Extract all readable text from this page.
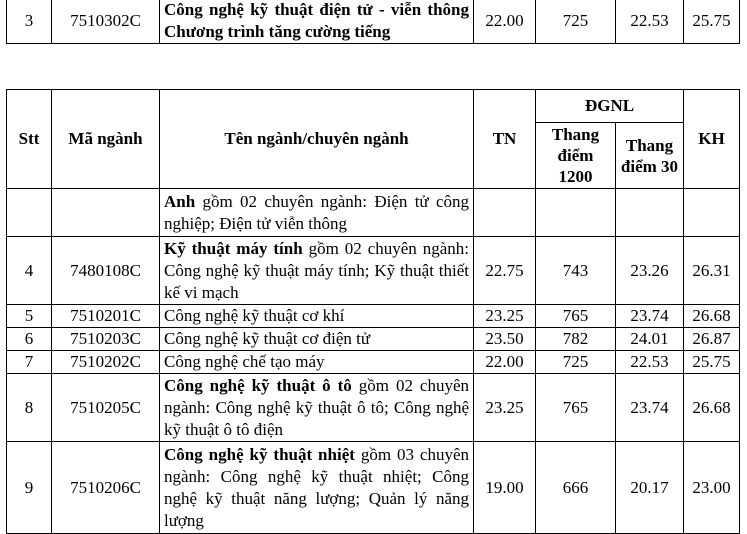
3	7510302C	Công nghệ kỹ thuật điện tử - viễn thông Chương trình tăng cường tiếng	22.00	725	22.53	25.75
Stt	Mã ngành	Tên ngành/chuyên ngành	TN	ĐGNL		KH
				Thang điểm 1200	Thang điểm 30	
		Anh gồm 02 chuyên ngành: Điện tử công nghiệp; Điện tử viễn thông				
4	7480108C	Kỹ thuật máy tính gồm 02 chuyên ngành: Công nghệ kỹ thuật máy tính; Kỹ thuật thiết kế vi mạch	22.75	743	23.26	26.31
5	7510201C	Công nghệ kỹ thuật cơ khí	23.25	765	23.74	26.68
6	7510203C	Công nghệ kỹ thuật cơ điện tử	23.50	782	24.01	26.87
7	7510202C	Công nghệ chế tạo máy	22.00	725	22.53	25.75
8	7510205C	Công nghệ kỹ thuật ô tô gồm 02 chuyên ngành: Công nghệ kỹ thuật ô tô; Công nghệ kỹ thuật ô tô điện	23.25	765	23.74	26.68
9	7510206C	Công nghệ kỹ thuật nhiệt gồm 03 chuyên ngành: Công nghệ kỹ thuật nhiệt; Công nghệ kỹ thuật năng lượng; Quản lý năng lượng	19.00	666	20.17	23.00
